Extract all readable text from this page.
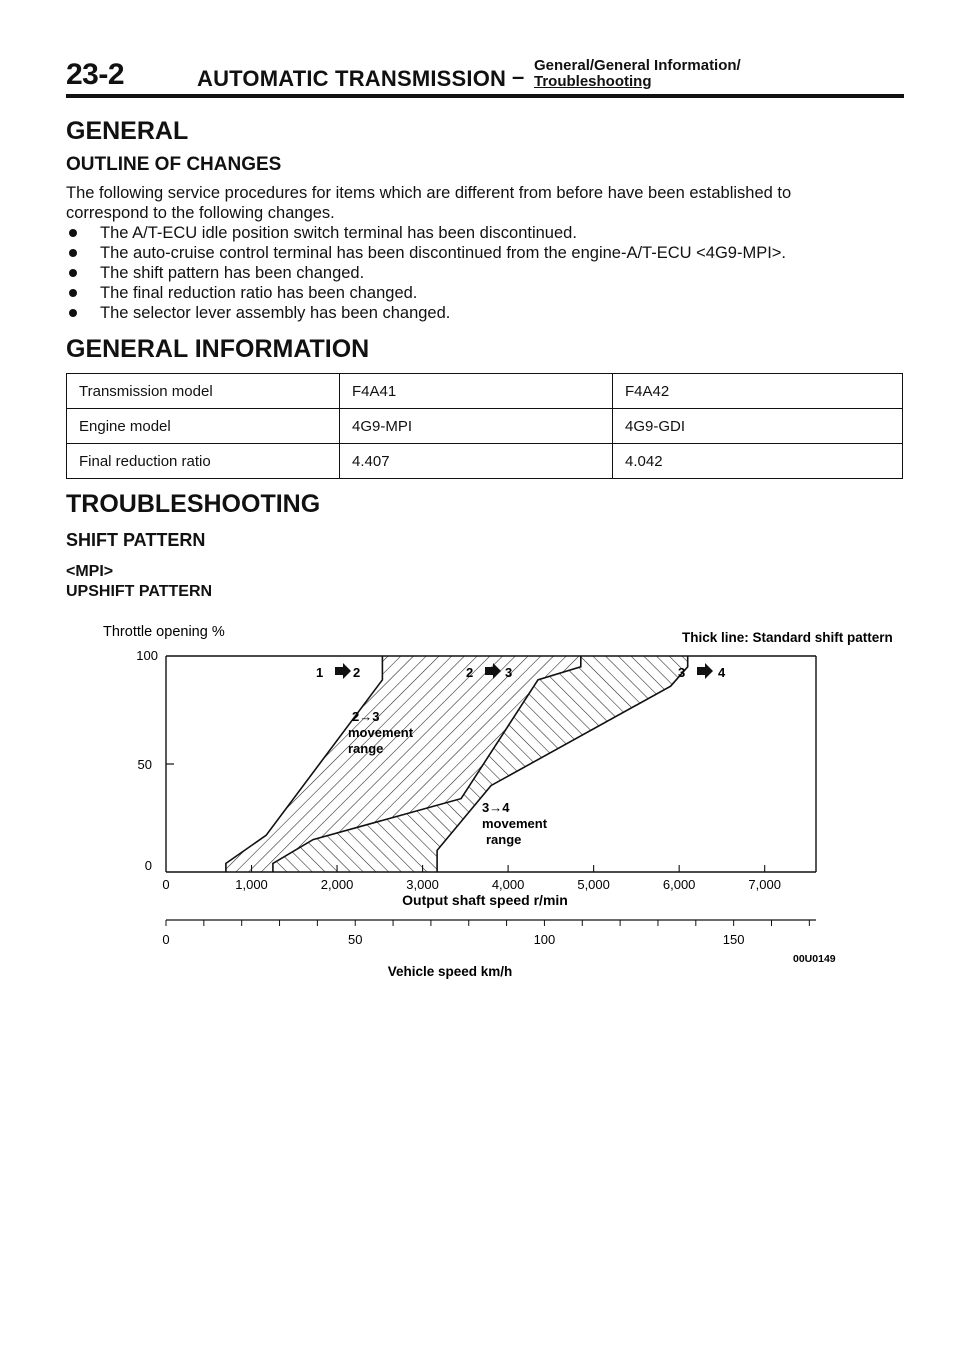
23-2	AUTOMATIC TRANSMISSION – General/General Information/
Troubleshooting
GENERAL
OUTLINE OF CHANGES
The following service procedures for items which are different from before have been established to
correspond to the following changes.
The A/T-ECU idle position switch terminal has been discontinued.
The auto-cruise control terminal has been discontinued from the engine-A/T-ECU <4G9-MPI>.
The shift pattern has been changed.
The final reduction ratio has been changed.
The selector lever assembly has been changed.
GENERAL INFORMATION
Transmission model	F4A41	F4A42
Engine model	4G9-MPI	4G9-GDI
Final reduction ratio	4.407	4.042
TROUBLESHOOTING
SHIFT PATTERN
<MPI>
UPSHIFT PATTERN
0	1,000	2,000	3,000	4,000	5,000	6,000	7,000
0	50	100	150
Throttle opening %	Thick line: Standard shift pattern
100
50
0
Output shaft speed r/min
Vehicle speed km/h
00U0149
2→3
movement
range
3→4
movement
range
1 2	2 3	3	4
